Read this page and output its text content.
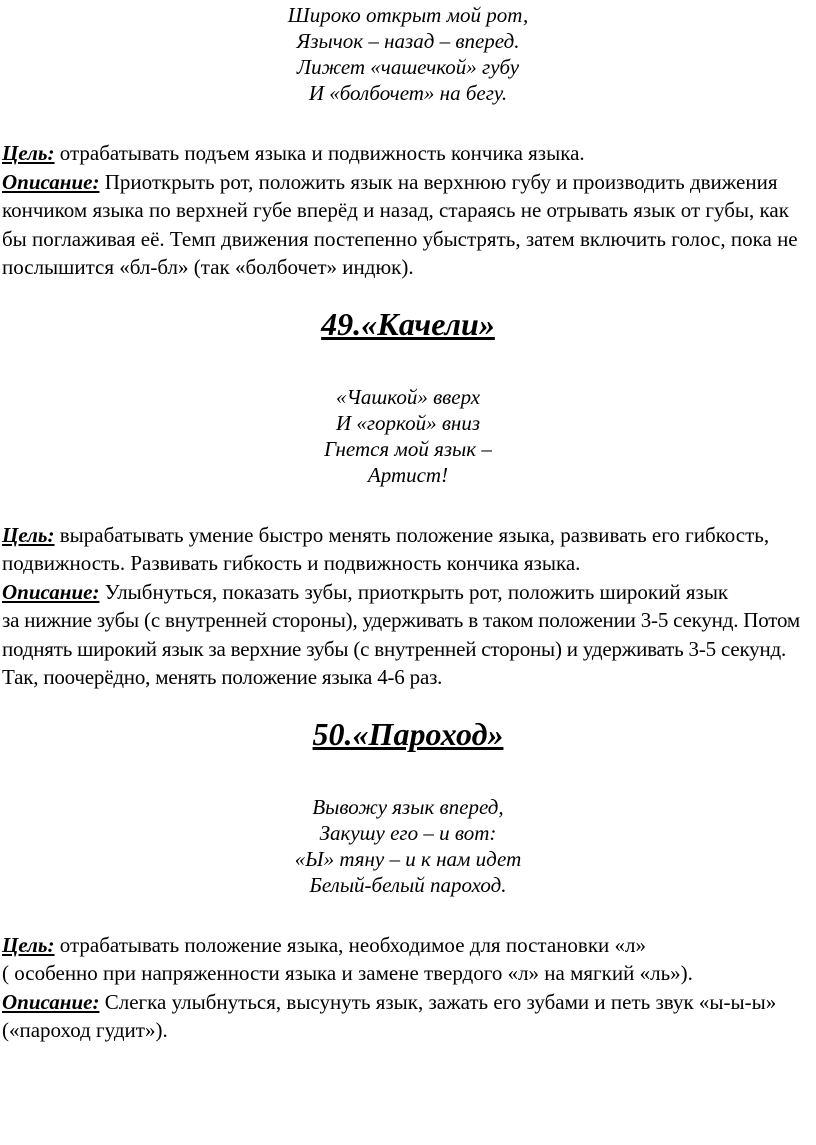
Широко открыт мой рот,
Язычок – назад – вперед.
Лижет «чашечкой» губу
И «болбочет» на бегу.
Цель: отрабатывать подъем языка и подвижность кончика языка.
Описание: Приоткрыть рот, положить язык на верхнюю губу и производить движения кончиком языка по верхней губе вперёд и назад, стараясь не отрывать язык от губы, как бы поглаживая её. Темп движения постепенно убыстрять, затем включить голос, пока не послышится «бл-бл» (так «болбочет» индюк).
49.«Качели»
«Чашкой» вверх
И «горкой» вниз
Гнется мой язык –
Артист!
Цель: вырабатывать умение быстро менять положение языка, развивать его гибкость, подвижность. Развивать гибкость и подвижность кончика языка.
Описание: Улыбнуться, показать зубы, приоткрыть рот, положить широкий язык
за нижние зубы (с внутренней стороны), удерживать в таком положении 3-5 секунд. Потом поднять широкий язык за верхние зубы (с внутренней стороны) и удерживать 3-5 секунд. Так, поочерёдно, менять положение языка 4-6 раз.
50.«Пароход»
Вывожу язык вперед,
Закушу его – и вот:
«Ы» тяну – и к нам идет
Белый-белый пароход.
Цель: отрабатывать положение языка, необходимое для постановки «л»
( особенно при напряженности языка и замене твердого «л» на мягкий «ль»).
Описание: Слегка улыбнуться, высунуть язык, зажать его зубами и петь звук «ы-ы-ы» («пароход гудит»).
